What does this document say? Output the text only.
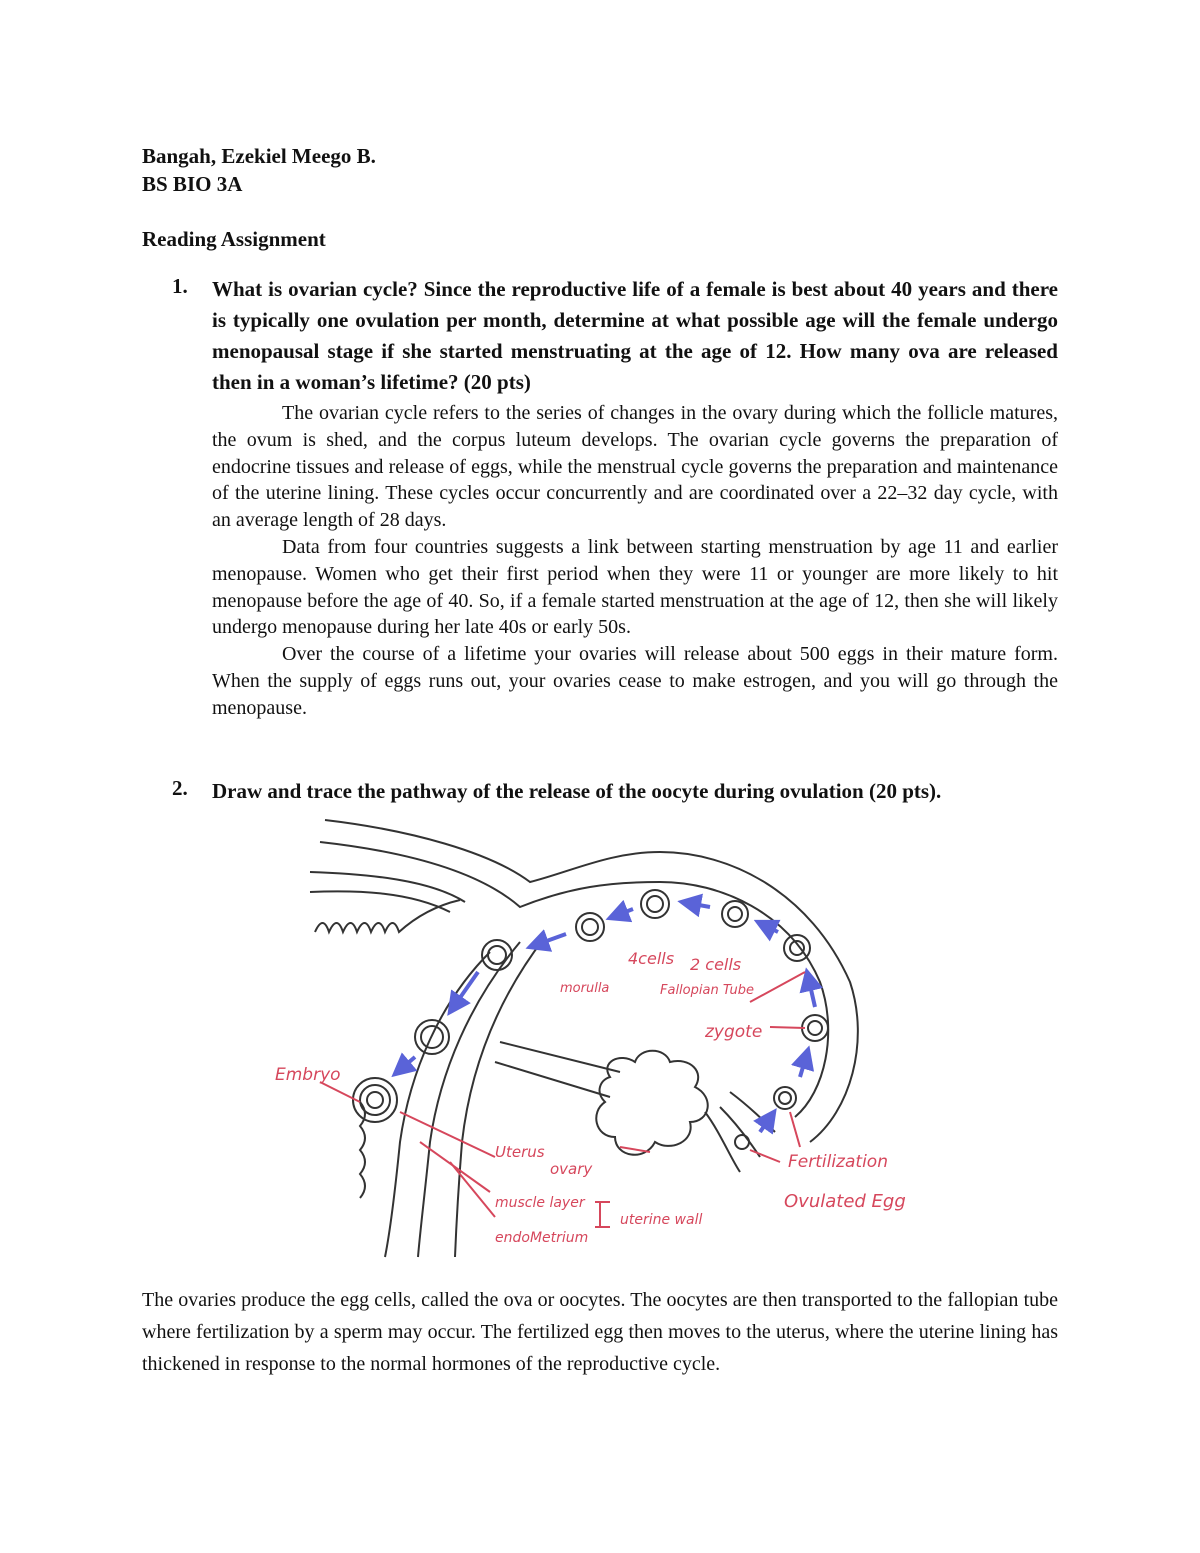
Bangah, Ezekiel Meego B.
BS BIO 3A
Reading Assignment
1. What is ovarian cycle? Since the reproductive life of a female is best about 40 years and there is typically one ovulation per month, determine at what possible age will the female undergo menopausal stage if she started menstruating at the age of 12. How many ova are released then in a woman’s lifetime? (20 pts)

The ovarian cycle refers to the series of changes in the ovary during which the follicle matures, the ovum is shed, and the corpus luteum develops. The ovarian cycle governs the preparation of endocrine tissues and release of eggs, while the menstrual cycle governs the preparation and maintenance of the uterine lining. These cycles occur concurrently and are coordinated over a 22–32 day cycle, with an average length of 28 days.

Data from four countries suggests a link between starting menstruation by age 11 and earlier menopause. Women who get their first period when they were 11 or younger are more likely to hit menopause before the age of 40. So, if a female started menstruation at the age of 12, then she will likely undergo menopause during her late 40s or early 50s.

Over the course of a lifetime your ovaries will release about 500 eggs in their mature form. When the supply of eggs runs out, your ovaries cease to make estrogen, and you will go through the menopause.

2. Draw and trace the pathway of the release of the oocyte during ovulation (20 pts).
Embryo
morulla
4cells 2 cells
Fallopian Tube
zygote
Uterus
ovary
muscle layer
endoMetrium
uterine wall
Fertilization
Ovulated Egg
The ovaries produce the egg cells, called the ova or oocytes. The oocytes are then transported to the fallopian tube where fertilization by a sperm may occur. The fertilized egg then moves to the uterus, where the uterine lining has thickened in response to the normal hormones of the reproductive cycle.
